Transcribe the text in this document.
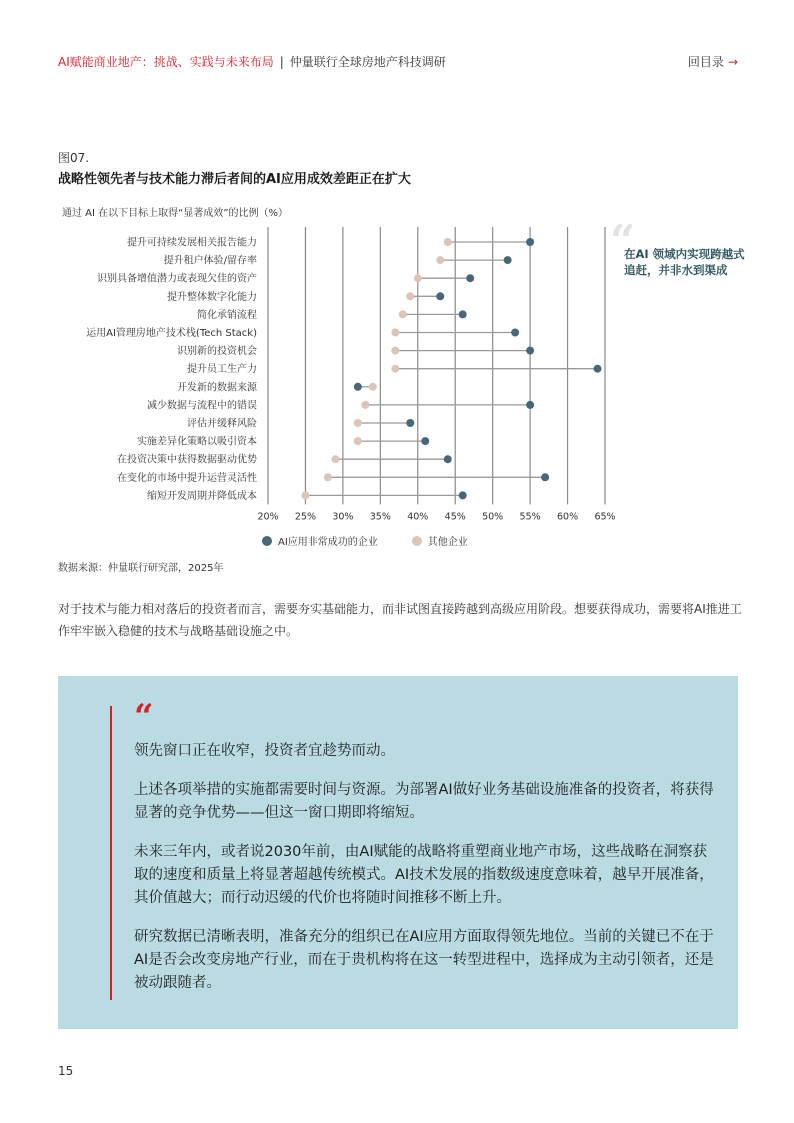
AI赋能商业地产：挑战、实践与未来布局 | 仲量联行全球房地产科技调研	回目录 →
图07.
战略性领先者与技术能力滞后者间的AI应用成效差距正在扩大
通过 AI 在以下目标上取得“显著成效”的比例（%）
20% 25% 30% 35% 40% 45% 50% 55% 60% 65%
提升可持续发展相关报告能力
提升租户体验/留存率
识别具备增值潜力或表现欠佳的资产
提升整体数字化能力
简化承销流程
运用AI管理房地产技术栈(Tech Stack)
识别新的投资机会
提升员工生产力
开发新的数据来源
减少数据与流程中的错误
评估并缓释风险
实施差异化策略以吸引资本
在投资决策中获得数据驱动优势
在变化的市场中提升运营灵活性
缩短开发周期并降低成本
“
在AI 领域内实现跨越式追赶，并非水到渠成
AI应用非常成功的企业	其他企业
数据来源：仲量联行研究部，2025年
对于技术与能力相对落后的投资者而言，需要夯实基础能力，而非试图直接跨越到高级应用阶段。想要获得成功，需要将AI推进工作牢牢嵌入稳健的技术与战略基础设施之中。
“

领先窗口正在收窄，投资者宜趁势而动。

上述各项举措的实施都需要时间与资源。为部署AI做好业务基础设施准备的投资者，将获得显著的竞争优势——但这一窗口期即将缩短。

未来三年内，或者说2030年前，由AI赋能的战略将重塑商业地产市场，这些战略在洞察获取的速度和质量上将显著超越传统模式。AI技术发展的指数级速度意味着，越早开展准备，其价值越大；而行动迟缓的代价也将随时间推移不断上升。

研究数据已清晰表明，准备充分的组织已在AI应用方面取得领先地位。当前的关键已不在于AI是否会改变房地产行业，而在于贵机构将在这一转型进程中，选择成为主动引领者，还是被动跟随者。

15
